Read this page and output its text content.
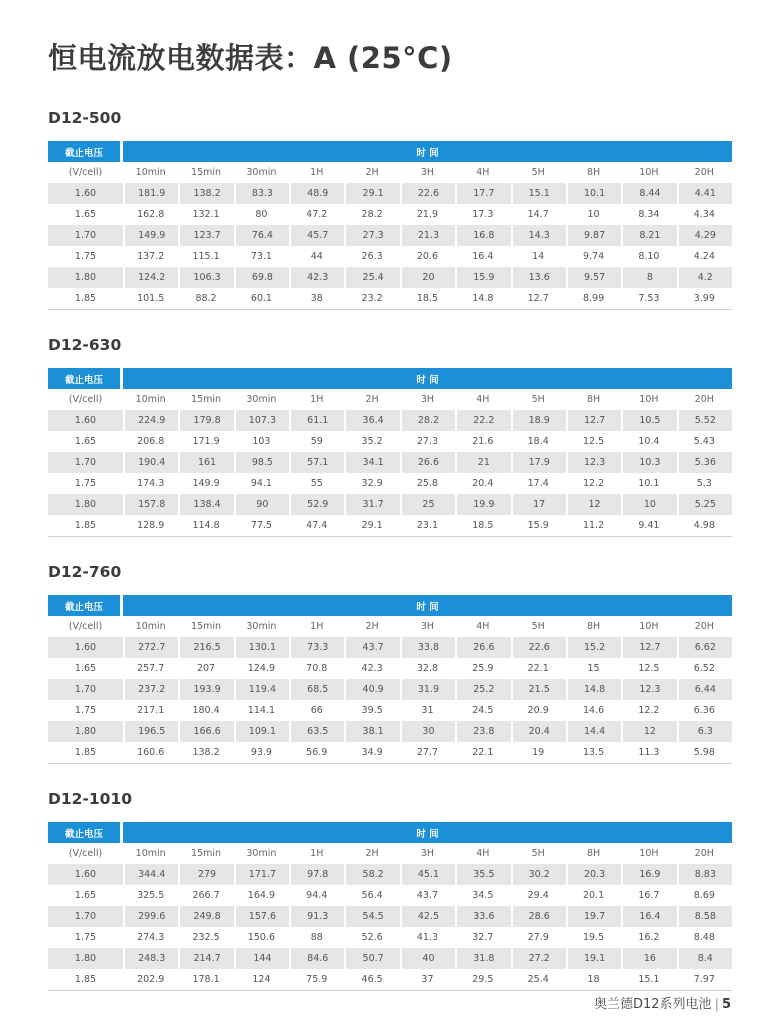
恒电流放电数据表：A (25°C)
D12-500
截止电压	时 间										
(V/cell)	10min	15min	30min	1H	2H	3H	4H	5H	8H	10H	20H
1.60	181.9	138.2	83.3	48.9	29.1	22.6	17.7	15.1	10.1	8.44	4.41
1.65	162.8	132.1	80	47.2	28.2	21.9	17.3	14.7	10	8.34	4.34
1.70	149.9	123.7	76.4	45.7	27.3	21.3	16.8	14.3	9.87	8.21	4.29
1.75	137.2	115.1	73.1	44	26.3	20.6	16.4	14	9.74	8.10	4.24
1.80	124.2	106.3	69.8	42.3	25.4	20	15.9	13.6	9.57	8	4.2
1.85	101.5	88.2	60.1	38	23.2	18.5	14.8	12.7	8.99	7.53	3.99
D12-630
截止电压	时 间										
(V/cell)	10min	15min	30min	1H	2H	3H	4H	5H	8H	10H	20H
1.60	224.9	179.8	107.3	61.1	36.4	28.2	22.2	18.9	12.7	10.5	5.52
1.65	206.8	171.9	103	59	35.2	27.3	21.6	18.4	12.5	10.4	5.43
1.70	190.4	161	98.5	57.1	34.1	26.6	21	17.9	12.3	10.3	5.36
1.75	174.3	149.9	94.1	55	32.9	25.8	20.4	17.4	12.2	10.1	5.3
1.80	157.8	138.4	90	52.9	31.7	25	19.9	17	12	10	5.25
1.85	128.9	114.8	77.5	47.4	29.1	23.1	18.5	15.9	11.2	9.41	4.98
D12-760
截止电压	时 间										
(V/cell)	10min	15min	30min	1H	2H	3H	4H	5H	8H	10H	20H
1.60	272.7	216.5	130.1	73.3	43.7	33.8	26.6	22.6	15.2	12.7	6.62
1.65	257.7	207	124.9	70.8	42.3	32.8	25.9	22.1	15	12.5	6.52
1.70	237.2	193.9	119.4	68.5	40.9	31.9	25.2	21.5	14.8	12.3	6.44
1.75	217.1	180.4	114.1	66	39.5	31	24.5	20.9	14.6	12.2	6.36
1.80	196.5	166.6	109.1	63.5	38.1	30	23.8	20.4	14.4	12	6.3
1.85	160.6	138.2	93.9	56.9	34.9	27.7	22.1	19	13.5	11.3	5.98
D12-1010
截止电压	时 间										
(V/cell)	10min	15min	30min	1H	2H	3H	4H	5H	8H	10H	20H
1.60	344.4	279	171.7	97.8	58.2	45.1	35.5	30.2	20.3	16.9	8.83
1.65	325.5	266.7	164.9	94.4	56.4	43.7	34.5	29.4	20.1	16.7	8.69
1.70	299.6	249.8	157.6	91.3	54.5	42.5	33.6	28.6	19.7	16.4	8.58
1.75	274.3	232.5	150.6	88	52.6	41.3	32.7	27.9	19.5	16.2	8.48
1.80	248.3	214.7	144	84.6	50.7	40	31.8	27.2	19.1	16	8.4
1.85	202.9	178.1	124	75.9	46.5	37	29.5	25.4	18	15.1	7.97
奥兰德D12系列电池 | 5
